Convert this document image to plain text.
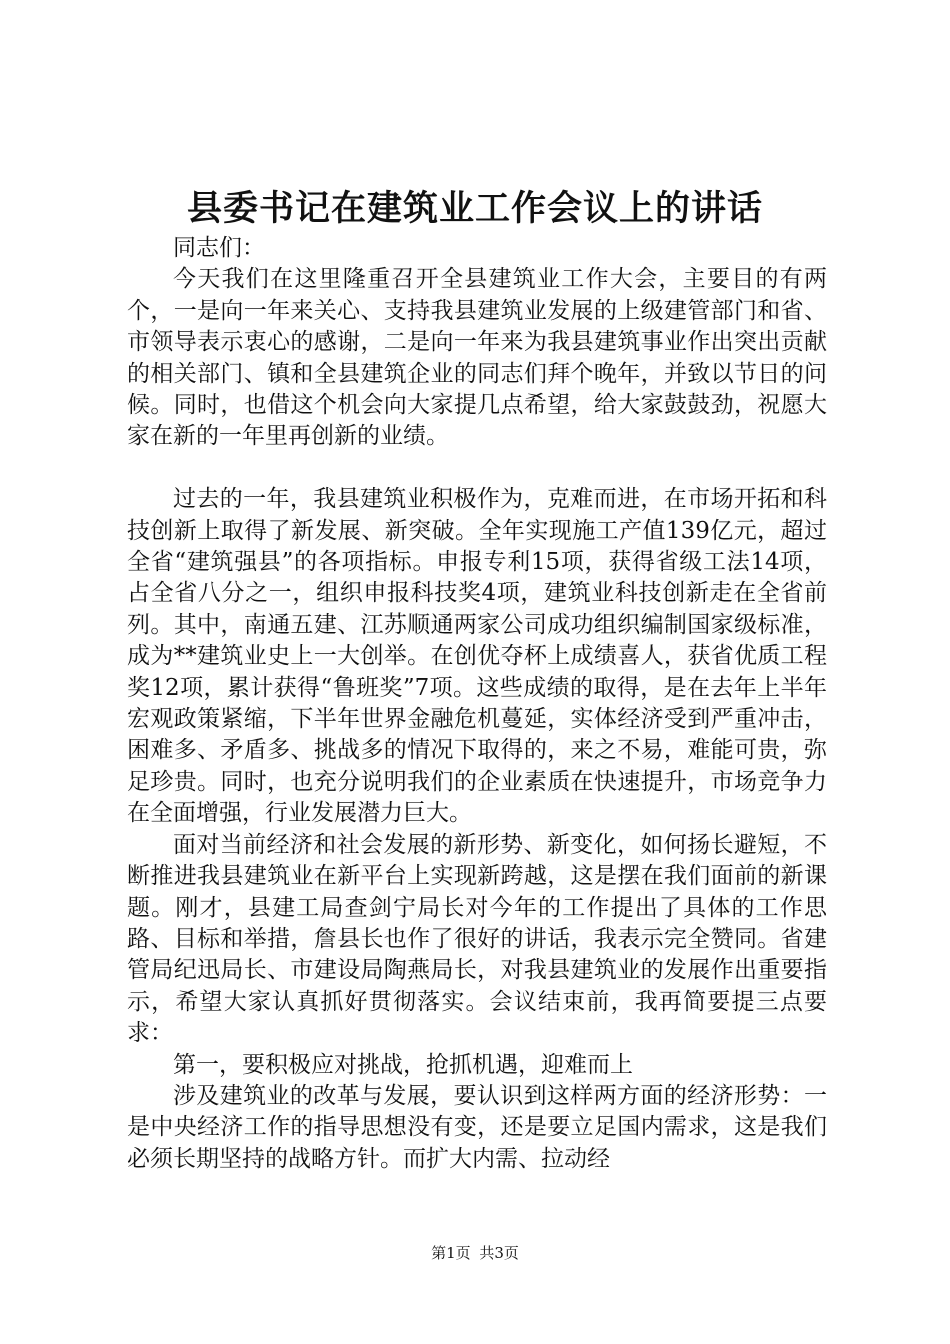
县委书记在建筑业工作会议上的讲话

同志们：

今天我们在这里隆重召开全县建筑业工作大会，主要目的有两个，一是向一年来关心、支持我县建筑业发展的上级建管部门和省、市领导表示衷心的感谢，二是向一年来为我县建筑事业作出突出贡献的相关部门、镇和全县建筑企业的同志们拜个晚年，并致以节日的问候。同时，也借这个机会向大家提几点希望，给大家鼓鼓劲，祝愿大家在新的一年里再创新的业绩。

过去的一年，我县建筑业积极作为，克难而进，在市场开拓和科技创新上取得了新发展、新突破。全年实现施工产值139亿元，超过全省“建筑强县”的各项指标。申报专利15项，获得省级工法14项，占全省八分之一，组织申报科技奖4项，建筑业科技创新走在全省前列。其中，南通五建、江苏顺通两家公司成功组织编制国家级标准，成为**建筑业史上一大创举。在创优夺杯上成绩喜人，获省优质工程奖12项，累计获得“鲁班奖”7项。这些成绩的取得，是在去年上半年宏观政策紧缩，下半年世界金融危机蔓延，实体经济受到严重冲击，困难多、矛盾多、挑战多的情况下取得的，来之不易，难能可贵，弥足珍贵。同时，也充分说明我们的企业素质在快速提升，市场竞争力在全面增强，行业发展潜力巨大。

面对当前经济和社会发展的新形势、新变化，如何扬长避短，不断推进我县建筑业在新平台上实现新跨越，这是摆在我们面前的新课题。刚才，县建工局查剑宁局长对今年的工作提出了具体的工作思路、目标和举措，詹县长也作了很好的讲话，我表示完全赞同。省建管局纪迅局长、市建设局陶燕局长，对我县建筑业的发展作出重要指示，希望大家认真抓好贯彻落实。会议结束前，我再简要提三点要求：

第一，要积极应对挑战，抢抓机遇，迎难而上

涉及建筑业的改革与发展，要认识到这样两方面的经济形势：一是中央经济工作的指导思想没有变，还是要立足国内需求，这是我们必须长期坚持的战略方针。而扩大内需、拉动经

第1页 共3页
